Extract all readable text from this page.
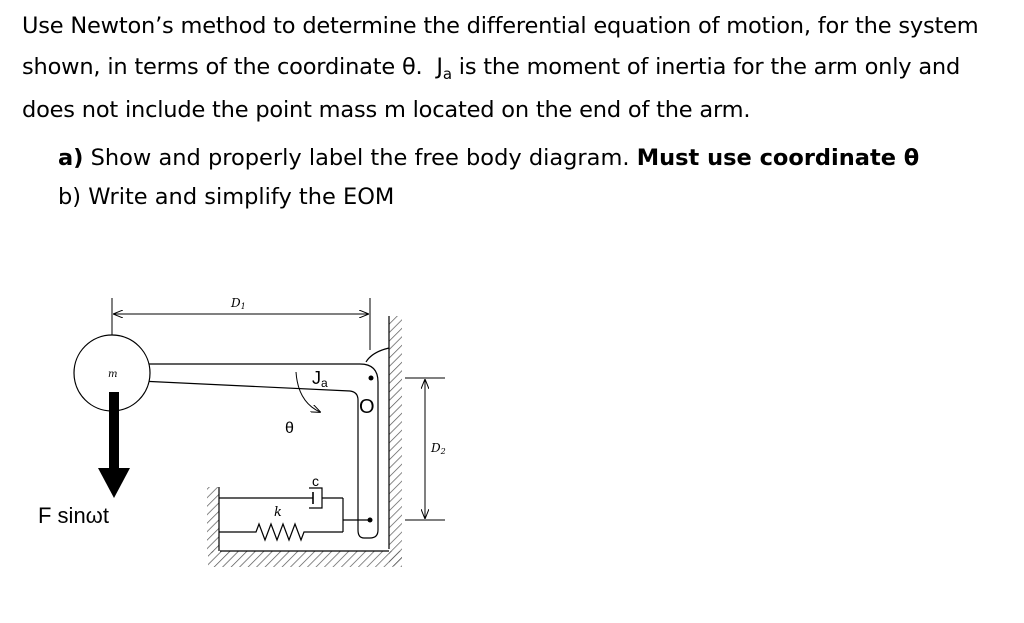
Use Newton’s method to determine the differential equation of motion, for the system shown, in terms of the coordinate θ. $J_a$ is the moment of inertia for the arm only and does not include the point mass m located on the end of the arm.

a) Show and properly label the free body diagram. Must use coordinate θ
b) Write and simplify the EOM
m
F sinωt
D1
D2
Ja
O
θ
c
k
